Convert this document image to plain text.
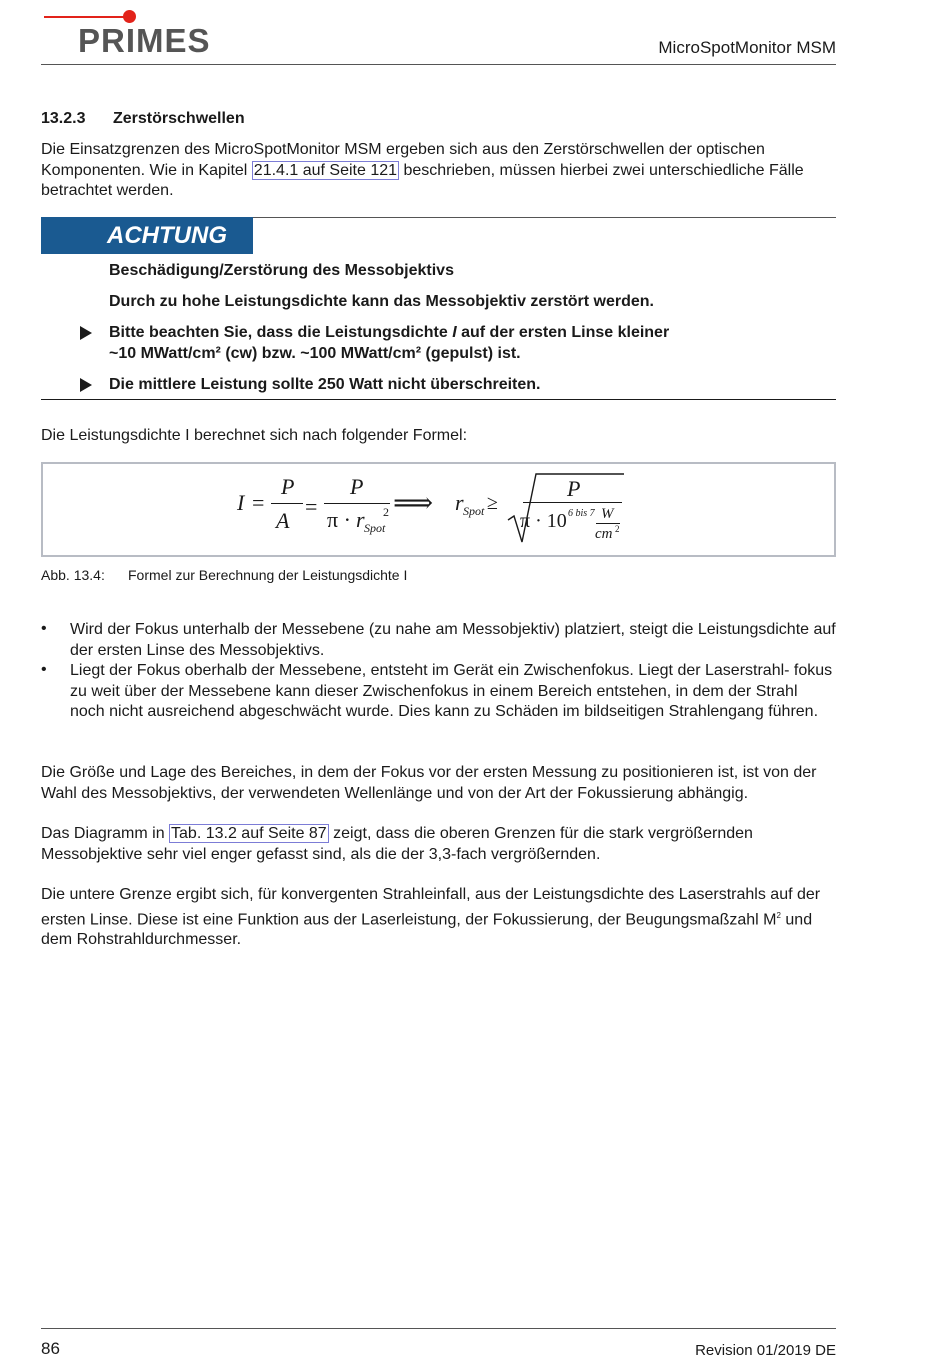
PRIMES	MicroSpotMonitor MSM
13.2.3 Zerstörschwellen
Die Einsatzgrenzen des MicroSpotMonitor MSM ergeben sich aus den Zerstörschwellen der optischen Komponenten. Wie in Kapitel 21.4.1 auf Seite 121 beschrieben, müssen hierbei zwei unterschiedliche Fälle betrachtet werden.
ACHTUNG
Beschädigung/Zerstörung des Messobjektivs
Durch zu hohe Leistungsdichte kann das Messobjektiv zerstört werden.
Bitte beachten Sie, dass die Leistungsdichte I auf der ersten Linse kleiner
~10 MWatt/cm² (cw) bzw. ~100 MWatt/cm² (gepulst) ist.
Die mittlere Leistung sollte 250 Watt nicht überschreiten.
Die Leistungsdichte I berechnet sich nach folgender Formel:
I =
P
A
=
P
π · r Spot
2 ⟹ r Spot ≥
P
π · 10 6 bis 7 W
cm 2
Abb. 13.4: Formel zur Berechnung der Leistungsdichte I
• Wird der Fokus unterhalb der Messebene (zu nahe am Messobjektiv) platziert, steigt die Leistungsdichte auf der ersten Linse des Messobjektivs.
• Liegt der Fokus oberhalb der Messebene, entsteht im Gerät ein Zwischenfokus. Liegt der Laserstrahl- fokus zu weit über der Messebene kann dieser Zwischenfokus in einem Bereich entstehen, in dem der Strahl noch nicht ausreichend abgeschwächt wurde. Dies kann zu Schäden im bildseitigen Strahlengang führen.
Die Größe und Lage des Bereiches, in dem der Fokus vor der ersten Messung zu positionieren ist, ist von der Wahl des Messobjektivs, der verwendeten Wellenlänge und von der Art der Fokussierung abhängig.
Das Diagramm in Tab. 13.2 auf Seite 87 zeigt, dass die oberen Grenzen für die stark vergrößernden Messobjektive sehr viel enger gefasst sind, als die der 3,3-fach vergrößernden.
Die untere Grenze ergibt sich, für konvergenten Strahleinfall, aus der Leistungsdichte des Laserstrahls auf der ersten Linse. Diese ist eine Funktion aus der Laserleistung, der Fokussierung, der Beugungsmaßzahl $M^2$ und dem Rohstrahldurchmesser.
86	Revision 01/2019 DE
